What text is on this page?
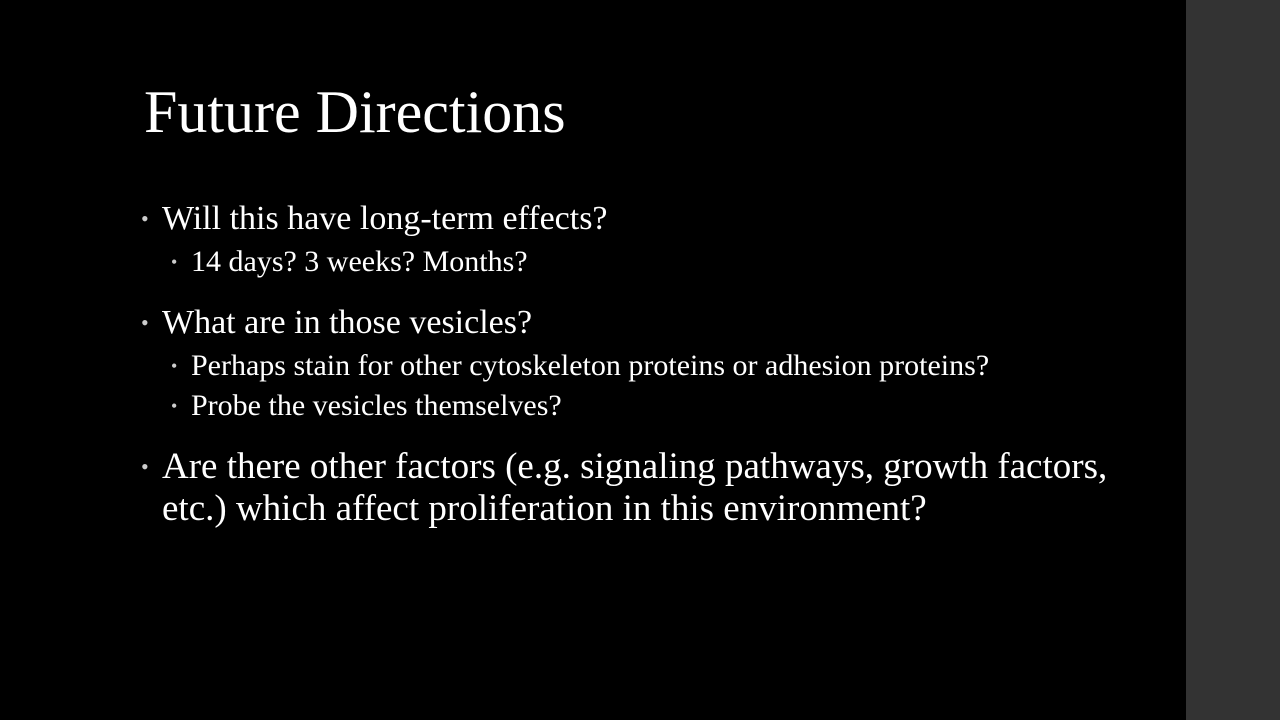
Future Directions

• Will this have long-term effects?

• 14 days? 3 weeks? Months?

• What are in those vesicles?

• Perhaps stain for other cytoskeleton proteins or adhesion proteins?

• Probe the vesicles themselves?

• Are there other factors (e.g. signaling pathways, growth factors, etc.) which affect proliferation in this environment?
